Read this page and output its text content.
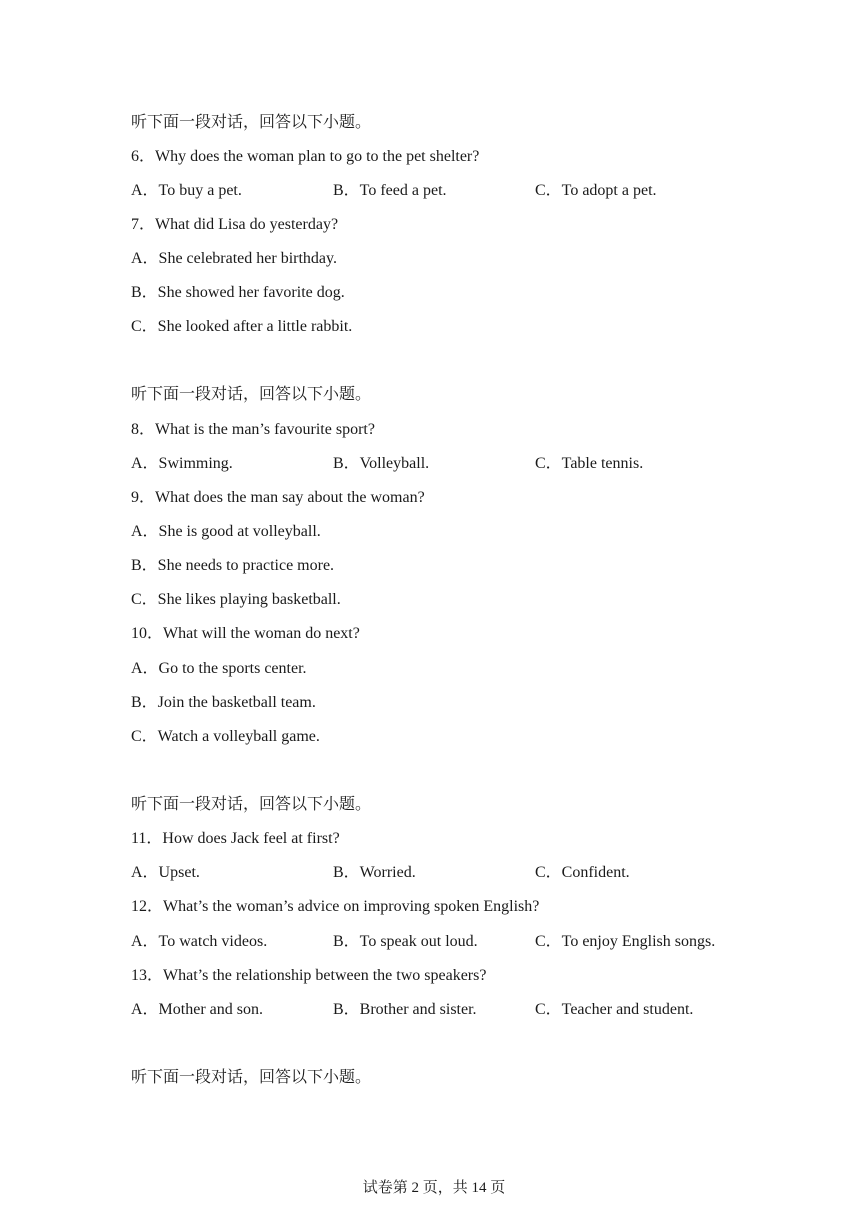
听下面一段对话，回答以下小题。
6．Why does the woman plan to go to the pet shelter?
A．To buy a pet.	B．To feed a pet.	C．To adopt a pet.
7．What did Lisa do yesterday?
A．She celebrated her birthday.
B．She showed her favorite dog.
C．She looked after a little rabbit.
听下面一段对话，回答以下小题。
8．What is the man’s favourite sport?
A．Swimming.	B．Volleyball.	C．Table tennis.
9．What does the man say about the woman?
A．She is good at volleyball.
B．She needs to practice more.
C．She likes playing basketball.
10．What will the woman do next?
A．Go to the sports center.
B．Join the basketball team.
C．Watch a volleyball game.
听下面一段对话，回答以下小题。
11．How does Jack feel at first?
A．Upset.	B．Worried.	C．Confident.
12．What’s the woman’s advice on improving spoken English?
A．To watch videos.	B．To speak out loud.	C．To enjoy English songs.
13．What’s the relationship between the two speakers?
A．Mother and son.	B．Brother and sister.	C．Teacher and student.
听下面一段对话，回答以下小题。
试卷第 2 页，共 14 页
